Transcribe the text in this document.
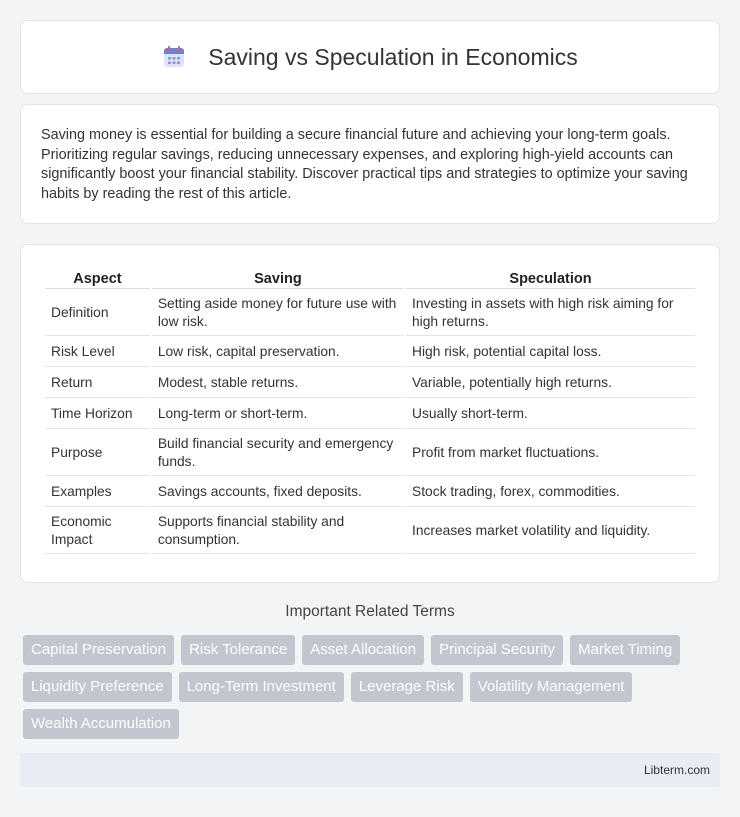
Saving vs Speculation in Economics

Saving money is essential for building a secure financial future and achieving your long-term goals. Prioritizing regular savings, reducing unnecessary expenses, and exploring high-yield accounts can significantly boost your financial stability. Discover practical tips and strategies to optimize your saving habits by reading the rest of this article.

Aspect	Saving	Speculation
Definition	Setting aside money for future use with low risk.	Investing in assets with high risk aiming for high returns.
Risk Level	Low risk, capital preservation.	High risk, potential capital loss.
Return	Modest, stable returns.	Variable, potentially high returns.
Time Horizon	Long-term or short-term.	Usually short-term.
Purpose	Build financial security and emergency funds.	Profit from market fluctuations.
Examples	Savings accounts, fixed deposits.	Stock trading, forex, commodities.
Economic Impact	Supports financial stability and consumption.	Increases market volatility and liquidity.
Important Related Terms
Capital Preservation	Risk Tolerance	Asset Allocation	Principal Security	Market Timing
Liquidity Preference	Long-Term Investment	Leverage Risk	Volatility Management
Wealth Accumulation
Libterm.com
